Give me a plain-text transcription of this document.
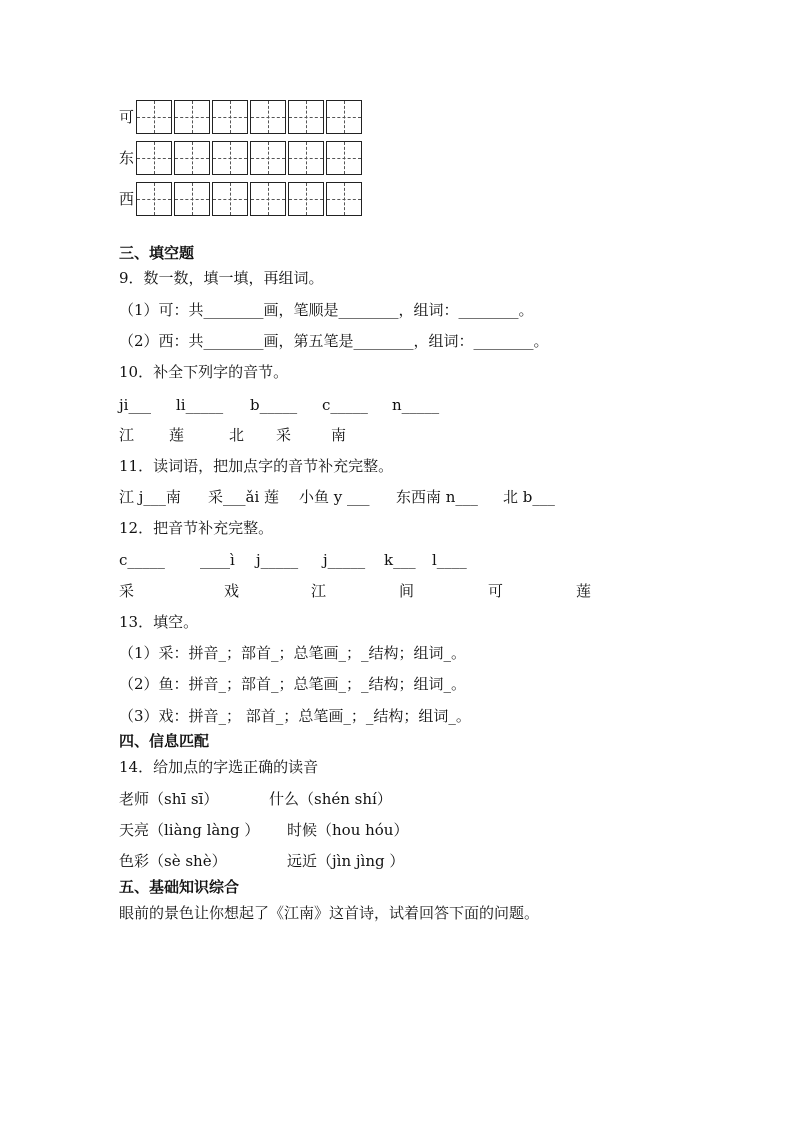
可
东
西
三、填空题
9．数一数，填一填，再组词。
（1）可：共________画，笔顺是________，组词：________。
（2）西：共________画，第五笔是________，组词：________。
10．补全下列字的音节。
ji___ li_____ b_____ c_____ n_____
江 莲	北 采	南
11．读词语，把加点字的音节补充完整。
江 j___南 采___ǎi 莲 小鱼 y ___ 东西南 n___ 北 b___
12．把音节补充完整。
c_____ ____ì j_____ j_____ k___ l____
采	戏	江	间	可	莲
13．填空。
（1）采：拼音_；部首_；总笔画_；_结构；组词_。
（2）鱼：拼音_；部首_；总笔画_；_结构；组词_。
（3）戏：拼音_； 部首_；总笔画_；_结构；组词_。
四、信息匹配
14．给加点的字选正确的读音
老师（shī sī）	什么（shén shí）
天亮（liàng làng ） 时候（hou hóu）
色彩（sè shè）	远近（jìn jìng ）
五、基础知识综合
眼前的景色让你想起了《江南》这首诗，试着回答下面的问题。
